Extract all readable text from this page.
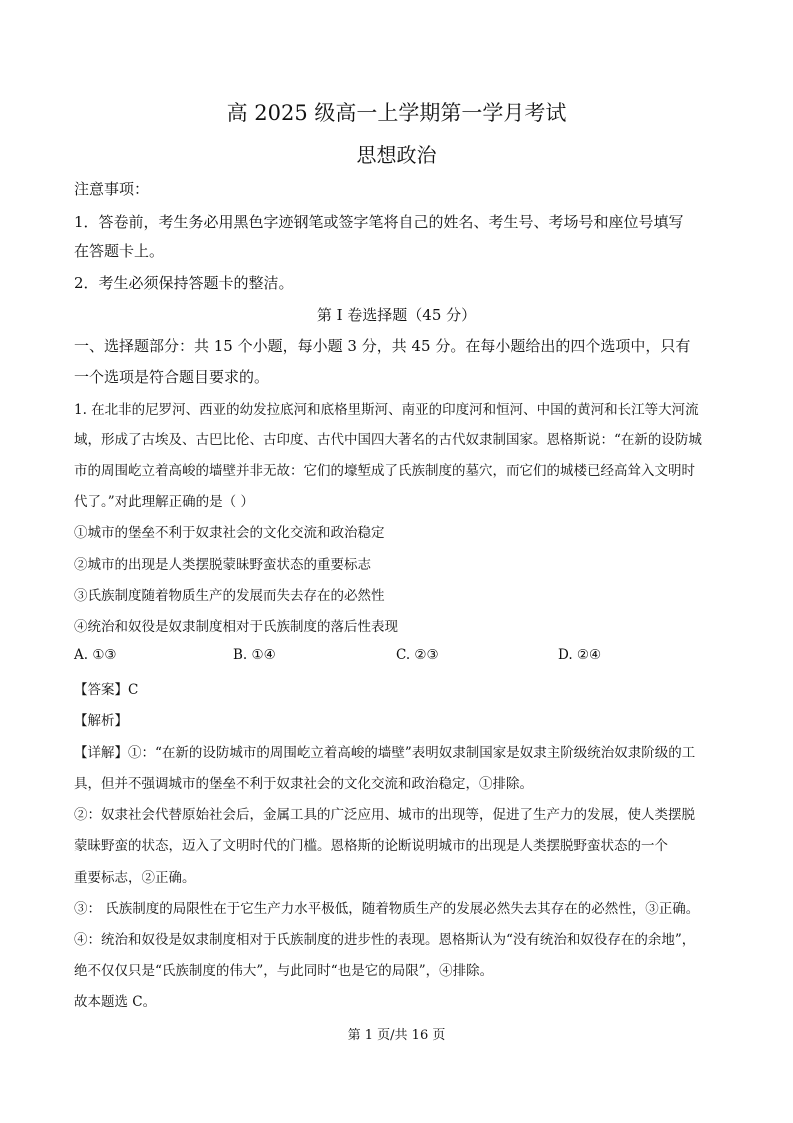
高 2025 级高一上学期第一学月考试
思想政治
注意事项：
1．答卷前，考生务必用黑色字迹钢笔或签字笔将自己的姓名、考生号、考场号和座位号填写
在答题卡上。
2．考生必须保持答题卡的整洁。
第 I 卷选择题（45 分）
一、选择题部分：共 15 个小题，每小题 3 分，共 45 分。在每小题给出的四个选项中，只有
一个选项是符合题目要求的。
1. 在北非的尼罗河、西亚的幼发拉底河和底格里斯河、南亚的印度河和恒河、中国的黄河和长江等大河流
域，形成了古埃及、古巴比伦、古印度、古代中国四大著名的古代奴隶制国家。恩格斯说：“在新的设防城
市的周围屹立着高峻的墙壁并非无故：它们的壕堑成了氏族制度的墓穴，而它们的城楼已经高耸入文明时
代了。”对此理解正确的是（ ）
①城市的堡垒不利于奴隶社会的文化交流和政治稳定
②城市的出现是人类摆脱蒙昧野蛮状态的重要标志
③氏族制度随着物质生产的发展而失去存在的必然性
④统治和奴役是奴隶制度相对于氏族制度的落后性表现
A. ①③	B. ①④	C. ②③	D. ②④
【答案】C
【解析】
【详解】①：“在新的设防城市的周围屹立着高峻的墙壁”表明奴隶制国家是奴隶主阶级统治奴隶阶级的工
具，但并不强调城市的堡垒不利于奴隶社会的文化交流和政治稳定，①排除。
②：奴隶社会代替原始社会后，金属工具的广泛应用、城市的出现等，促进了生产力的发展，使人类摆脱
蒙昧野蛮的状态，迈入了文明时代的门槛。恩格斯的论断说明城市的出现是人类摆脱野蛮状态的一个
重要标志，②正确。
③： 氏族制度的局限性在于它生产力水平极低，随着物质生产的发展必然失去其存在的必然性，③正确。
④：统治和奴役是奴隶制度相对于氏族制度的进步性的表现。恩格斯认为“没有统治和奴役存在的余地”，
绝不仅仅只是“氏族制度的伟大”，与此同时“也是它的局限”，④排除。
故本题选 C。
第 1 页/共 16 页
